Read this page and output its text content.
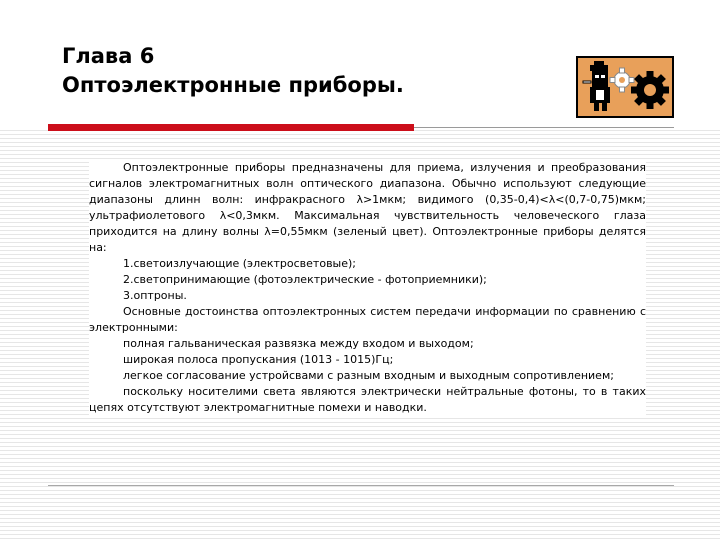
Глава 6
Оптоэлектронные приборы.

Оптоэлектронные приборы предназначены для приема, излучения и преобразования сигналов электромагнитных волн оптического диапазона. Обычно используют следующие диапазоны длинн волн: инфракрасного λ>1мкм; видимого (0,35-0,4)<λ<(0,7-0,75)мкм; ультрафиолетового λ<0,3мкм. Максимальная чувствительность человеческого глаза приходится на длину волны λ=0,55мкм (зеленый цвет). Оптоэлектронные приборы делятся на:

1.светоизлучающие (электросветовые);

2.светопринимающие (фотоэлектрические - фотоприемники);

3.оптроны.

Основные достоинства оптоэлектронных систем передачи информации по сравнению с электронными:

полная гальваническая развязка между входом и выходом;

широкая полоса пропускания (1013 - 1015)Гц;

легкое согласование устройсвами с разным входным и выходным сопротивлением;

поскольку носителими света являются электрически нейтральные фотоны, то в таких цепях отсутствуют электромагнитные помехи и наводки.
